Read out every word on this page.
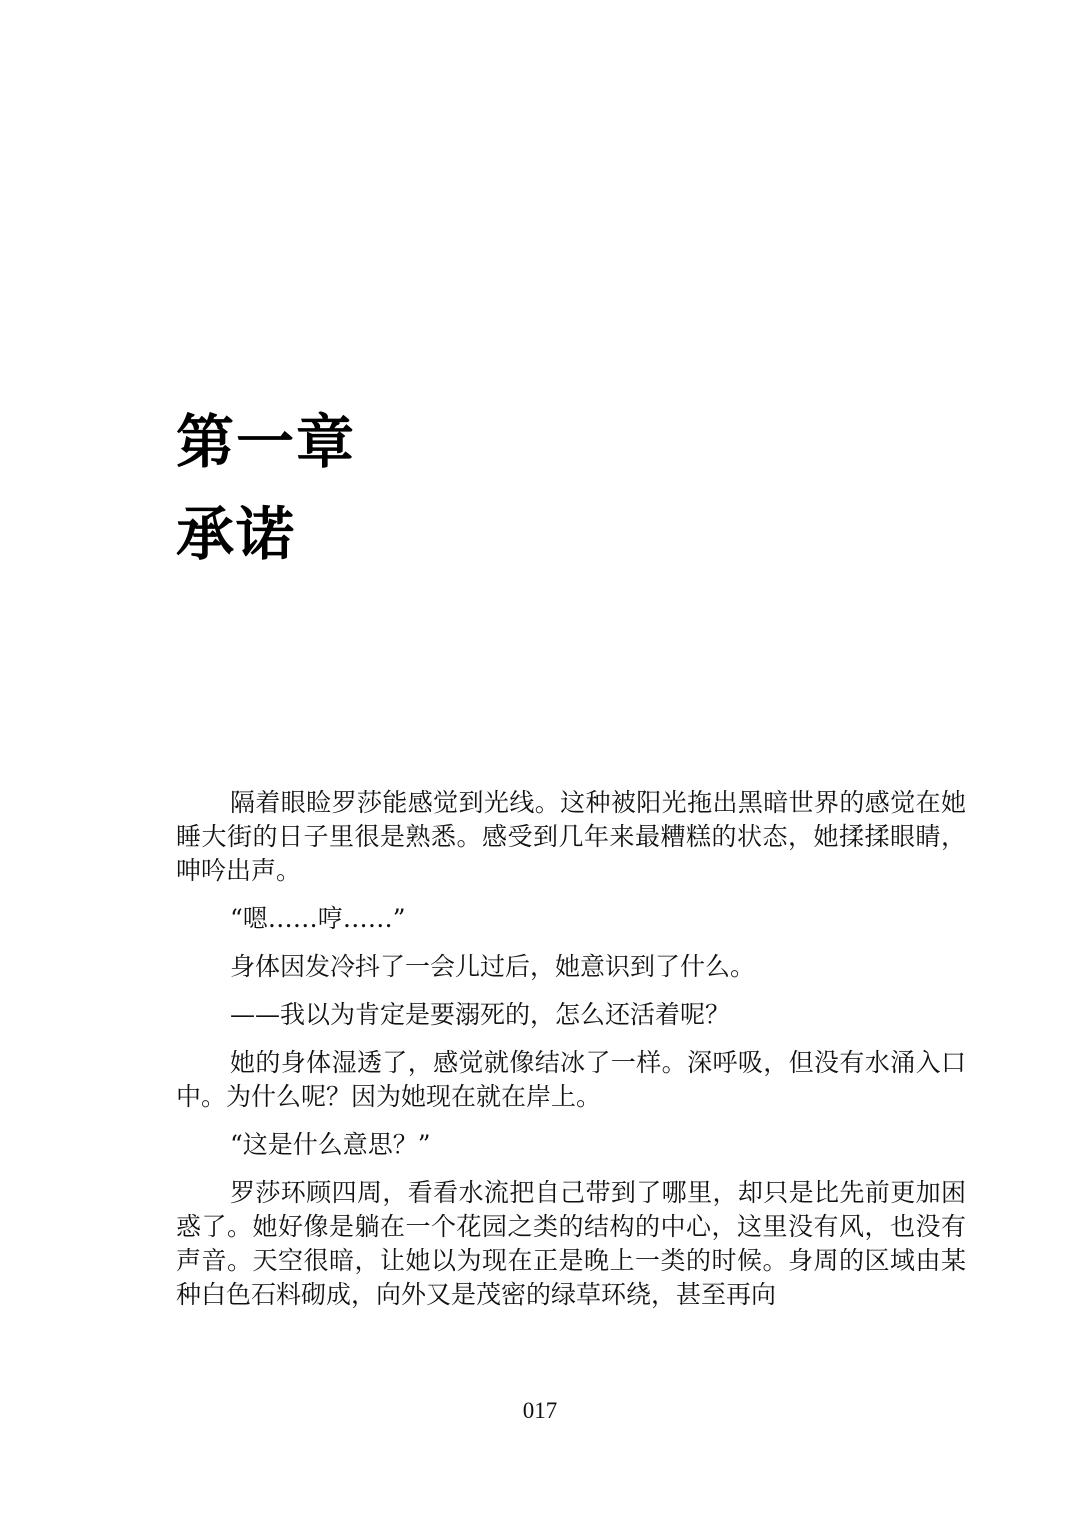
第一章
承诺

隔着眼睑罗莎能感觉到光线。这种被阳光拖出黑暗世界的感觉在她睡大街的日子里很是熟悉。感受到几年来最糟糕的状态，她揉揉眼睛，呻吟出声。

“嗯……哼……”

身体因发冷抖了一会儿过后，她意识到了什么。

——我以为肯定是要溺死的，怎么还活着呢？

她的身体湿透了，感觉就像结冰了一样。深呼吸，但没有水涌入口中。为什么呢？因为她现在就在岸上。

“这是什么意思？”

罗莎环顾四周，看看水流把自己带到了哪里，却只是比先前更加困惑了。她好像是躺在一个花园之类的结构的中心，这里没有风，也没有声音。天空很暗，让她以为现在正是晚上一类的时候。身周的区域由某种白色石料砌成，向外又是茂密的绿草环绕，甚至再向

017
